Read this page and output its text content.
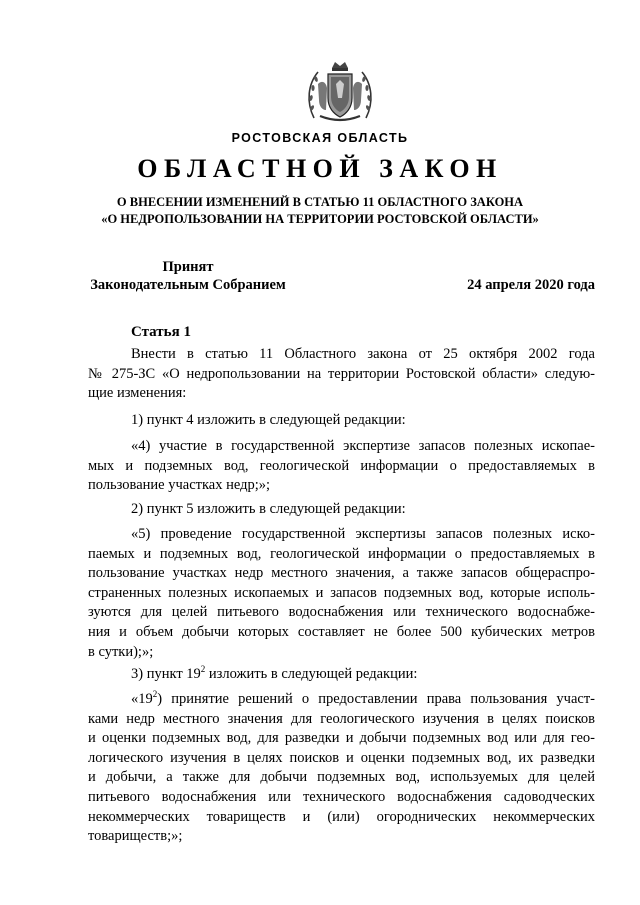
РОСТОВСКАЯ ОБЛАСТЬ
ОБЛАСТНОЙ ЗАКОН
О ВНЕСЕНИИ ИЗМЕНЕНИЙ В СТАТЬЮ 11 ОБЛАСТНОГО ЗАКОНА
«О НЕДРОПОЛЬЗОВАНИИ НА ТЕРРИТОРИИ РОСТОВСКОЙ ОБЛАСТИ»
Принят
Законодательным Собранием	24 апреля 2020 года
Статья 1
Внести в статью 11 Областного закона от 25 октября 2002 года
№ 275-ЗС «О недропользовании на территории Ростовской области» следую-
щие изменения:
1) пункт 4 изложить в следующей редакции:
«4) участие в государственной экспертизе запасов полезных ископае-
мых и подземных вод, геологической информации о предоставляемых в
пользование участках недр;»;
2) пункт 5 изложить в следующей редакции:
«5) проведение государственной экспертизы запасов полезных иско-
паемых и подземных вод, геологической информации о предоставляемых в
пользование участках недр местного значения, а также запасов общераспро-
страненных полезных ископаемых и запасов подземных вод, которые исполь-
зуются для целей питьевого водоснабжения или технического водоснабже-
ния и объем добычи которых составляет не более 500 кубических метров
в сутки);»;
3) пункт $19^2$ изложить в следующей редакции:
«$19^2$) принятие решений о предоставлении права пользования участ-
ками недр местного значения для геологического изучения в целях поисков
и оценки подземных вод, для разведки и добычи подземных вод или для гео-
логического изучения в целях поисков и оценки подземных вод, их разведки
и добычи, а также для добычи подземных вод, используемых для целей
питьевого водоснабжения или технического водоснабжения садоводческих
некоммерческих товариществ и (или) огороднических некоммерческих
товариществ;»;
